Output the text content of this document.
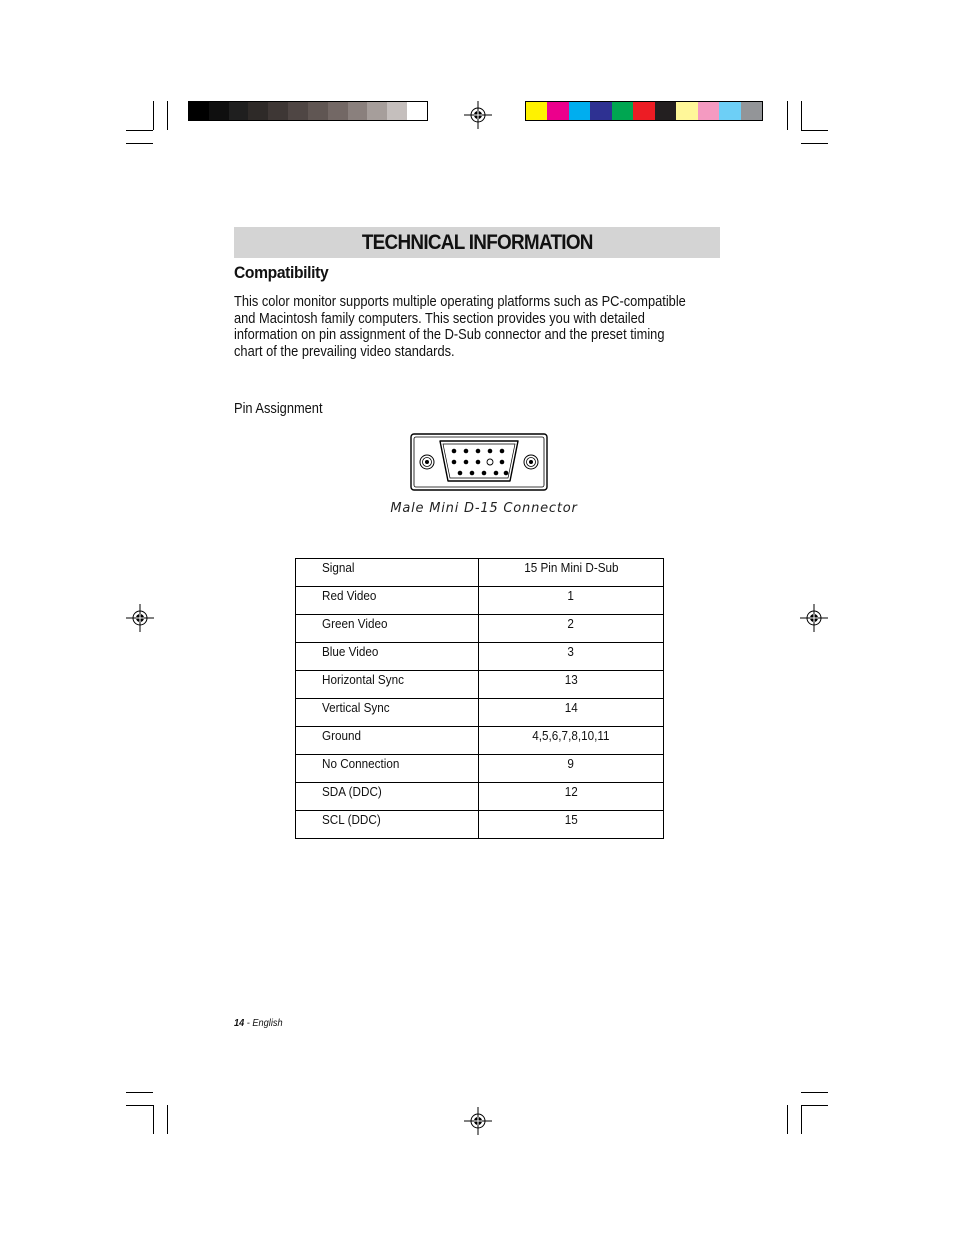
TECHNICAL INFORMATION
Compatibility
This color monitor supports multiple operating platforms such as PC-compatible and Macintosh family computers. This section provides you with detailed information on pin assignment of the D-Sub connector and the preset timing chart of the prevailing video standards.
Pin Assignment
Male Mini D-15 Connector
Signal	15 Pin Mini D-Sub
Red Video	1
Green Video	2
Blue Video	3
Horizontal Sync	13
Vertical Sync	14
Ground	4,5,6,7,8,10,11
No Connection	9
SDA (DDC)	12
SCL (DDC)	15
14 - English
